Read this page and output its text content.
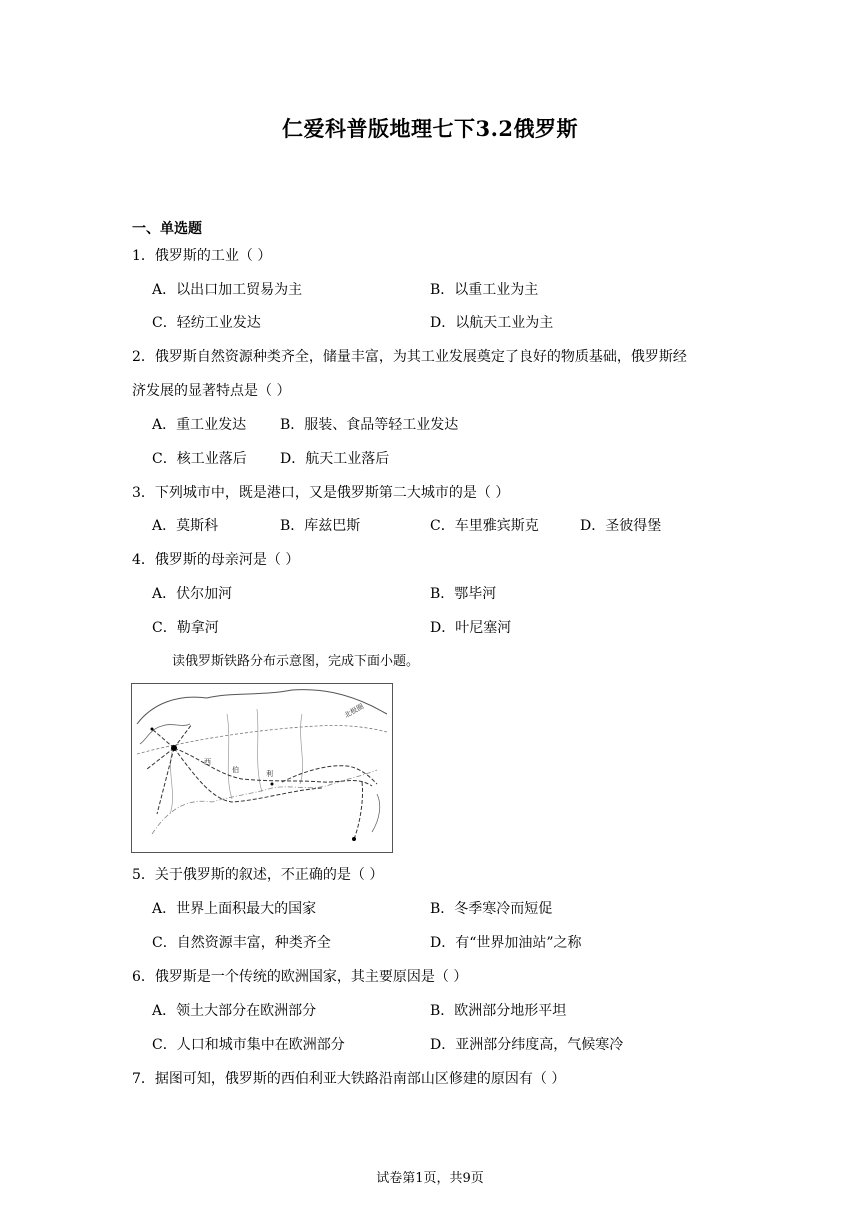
仁爱科普版地理七下3.2俄罗斯
一、单选题
1．俄罗斯的工业（ ）
A．以出口加工贸易为主	B．以重工业为主
C．轻纺工业发达	D．以航天工业为主
2．俄罗斯自然资源种类齐全，储量丰富，为其工业发展奠定了良好的物质基础，俄罗斯经
济发展的显著特点是（ ）
A．重工业发达 B．服装、食品等轻工业发达
C．核工业落后 D．航天工业落后
3．下列城市中，既是港口，又是俄罗斯第二大城市的是（ ）
A．莫斯科	B．库兹巴斯	C．车里雅宾斯克	D．圣彼得堡
4．俄罗斯的母亲河是（ ）
A．伏尔加河	B．鄂毕河
C．勒拿河	D．叶尼塞河
读俄罗斯铁路分布示意图，完成下面小题。
北极圈
西
伯	利
5．关于俄罗斯的叙述，不正确的是（ ）
A．世界上面积最大的国家	B．冬季寒冷而短促
C．自然资源丰富，种类齐全	D．有“世界加油站”之称
6．俄罗斯是一个传统的欧洲国家，其主要原因是（ ）
A．领土大部分在欧洲部分	B．欧洲部分地形平坦
C．人口和城市集中在欧洲部分	D．亚洲部分纬度高，气候寒冷
7．据图可知，俄罗斯的西伯利亚大铁路沿南部山区修建的原因有（ ）
试卷第1页，共9页
